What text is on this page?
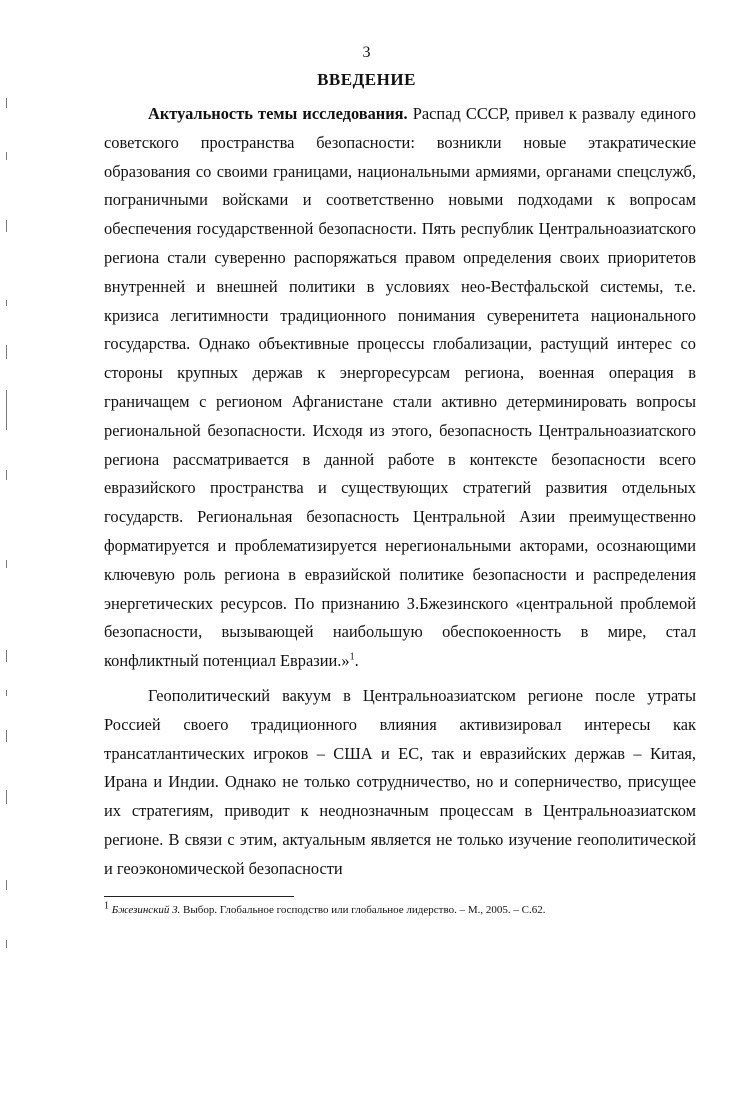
3
ВВЕДЕНИЕ

Актуальность темы исследования. Распад СССР, привел к развалу единого советского пространства безопасности: возникли новые этакратические образования со своими границами, национальными армиями, органами спецслужб, пограничными войсками и соответственно новыми подходами к вопросам обеспечения государственной безопасности. Пять республик Центральноазиатского региона стали суверенно распоряжаться правом определения своих приоритетов внутренней и внешней политики в условиях нео-Вестфальской системы, т.е. кризиса легитимности традиционного понимания суверенитета национального государства. Однако объективные процессы глобализации, растущий интерес со стороны крупных держав к энергоресурсам региона, военная операция в граничащем с регионом Афганистане стали активно детерминировать вопросы региональной безопасности. Исходя из этого, безопасность Центральноазиатского региона рассматривается в данной работе в контексте безопасности всего евразийского пространства и существующих стратегий развития отдельных государств. Региональная безопасность Центральной Азии преимущественно форматируется и проблематизируется нерегиональными акторами, осознающими ключевую роль региона в евразийской политике безопасности и распределения энергетических ресурсов. По признанию З.Бжезинского «центральной проблемой безопасности, вызывающей наибольшую обеспокоенность в мире, стал конфликтный потенциал Евразии.»$^1$.

Геополитический вакуум в Центральноазиатском регионе после утраты Россией своего традиционного влияния активизировал интересы как трансатлантических игроков – США и ЕС, так и евразийских держав – Китая, Ирана и Индии. Однако не только сотрудничество, но и соперничество, присущее их стратегиям, приводит к неоднозначным процессам в Центральноазиатском регионе. В связи с этим, актуальным является не только изучение геополитической и геоэкономической безопасности

$^1$ Бжезинский З. Выбор. Глобальное господство или глобальное лидерство. – М., 2005. – С.62.
